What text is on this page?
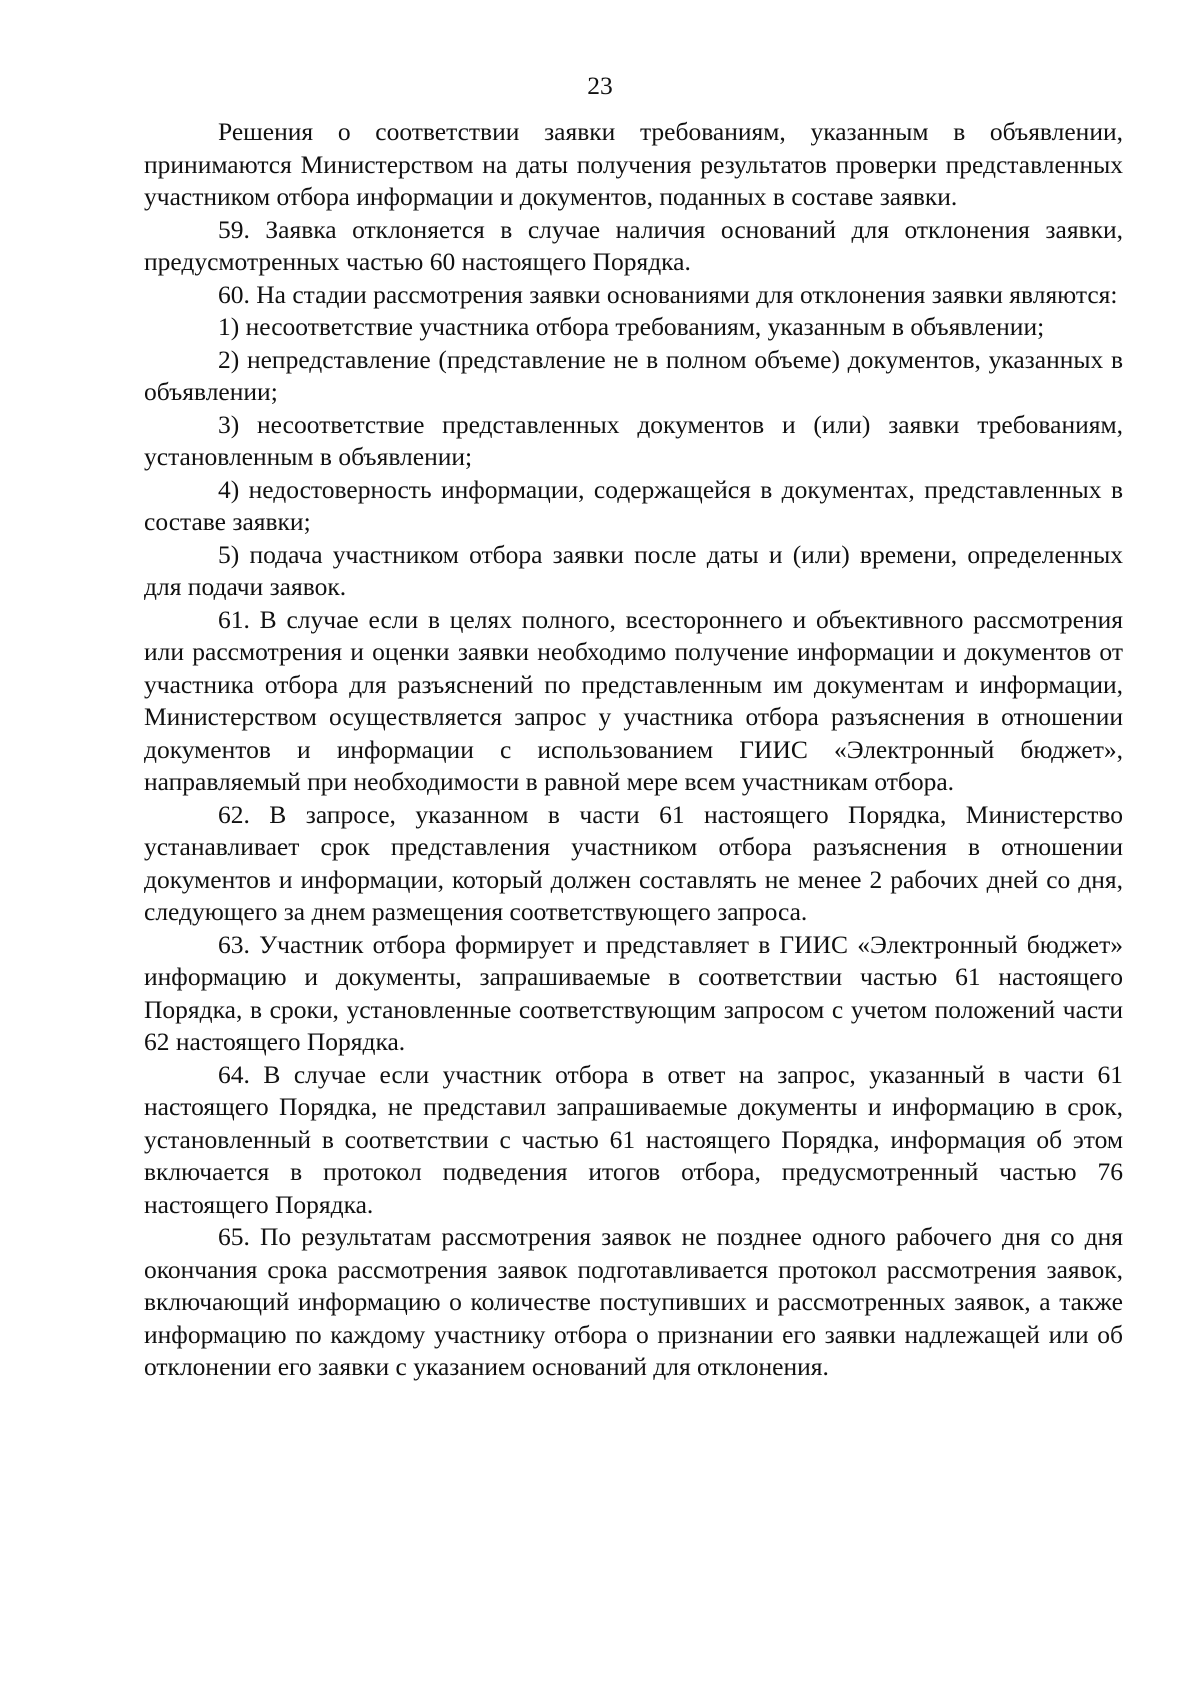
23

Решения о соответствии заявки требованиям, указанным в объявлении, принимаются Министерством на даты получения результатов проверки представленных участником отбора информации и документов, поданных в составе заявки.

59. Заявка отклоняется в случае наличия оснований для отклонения заявки, предусмотренных частью 60 настоящего Порядка.

60. На стадии рассмотрения заявки основаниями для отклонения заявки являются:

1) несоответствие участника отбора требованиям, указанным в объявлении;

2) непредставление (представление не в полном объеме) документов, указанных в объявлении;

3) несоответствие представленных документов и (или) заявки требованиям, установленным в объявлении;

4) недостоверность информации, содержащейся в документах, представленных в составе заявки;

5) подача участником отбора заявки после даты и (или) времени, определенных для подачи заявок.

61. В случае если в целях полного, всестороннего и объективного рассмотрения или рассмотрения и оценки заявки необходимо получение информации и документов от участника отбора для разъяснений по представленным им документам и информации, Министерством осуществляется запрос у участника отбора разъяснения в отношении документов и информации с использованием ГИИС «Электронный бюджет», направляемый при необходимости в равной мере всем участникам отбора.

62. В запросе, указанном в части 61 настоящего Порядка, Министерство устанавливает срок представления участником отбора разъяснения в отношении документов и информации, который должен составлять не менее 2 рабочих дней со дня, следующего за днем размещения соответствующего запроса.

63. Участник отбора формирует и представляет в ГИИС «Электронный бюджет» информацию и документы, запрашиваемые в соответствии частью 61 настоящего Порядка, в сроки, установленные соответствующим запросом с учетом положений части 62 настоящего Порядка.

64. В случае если участник отбора в ответ на запрос, указанный в части 61 настоящего Порядка, не представил запрашиваемые документы и информацию в срок, установленный в соответствии с частью 61 настоящего Порядка, информация об этом включается в протокол подведения итогов отбора, предусмотренный частью 76 настоящего Порядка.

65. По результатам рассмотрения заявок не позднее одного рабочего дня со дня окончания срока рассмотрения заявок подготавливается протокол рассмотрения заявок, включающий информацию о количестве поступивших и рассмотренных заявок, а также информацию по каждому участнику отбора о признании его заявки надлежащей или об отклонении его заявки с указанием оснований для отклонения.
